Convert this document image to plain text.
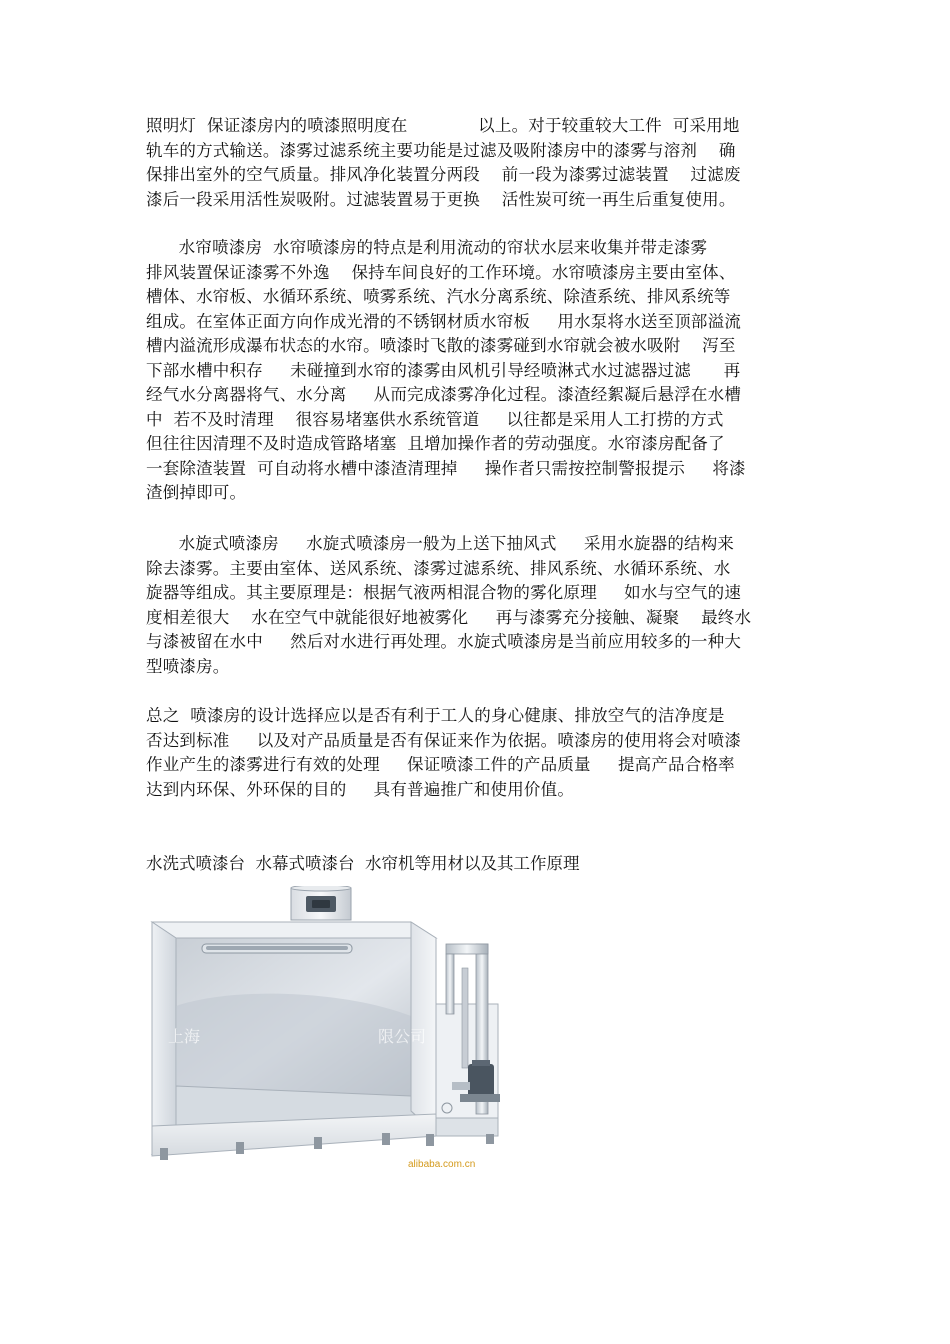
照明灯  保证漆房内的喷漆照明度在             以上。对于较重较大工件  可采用地
轨车的方式输送。漆雾过滤系统主要功能是过滤及吸附漆房中的漆雾与溶剂    确
保排出室外的空气质量。排风净化装置分两段    前一段为漆雾过滤装置    过滤废
漆后一段采用活性炭吸附。过滤装置易于更换    活性炭可统一再生后重复使用。
水帘喷漆房  水帘喷漆房的特点是利用流动的帘状水层来收集并带走漆雾
排风装置保证漆雾不外逸    保持车间良好的工作环境。水帘喷漆房主要由室体、
槽体、水帘板、水循环系统、喷雾系统、汽水分离系统、除渣系统、排风系统等
组成。在室体正面方向作成光滑的不锈钢材质水帘板     用水泵将水送至顶部溢流
槽内溢流形成瀑布状态的水帘。喷漆时飞散的漆雾碰到水帘就会被水吸附    泻至
下部水槽中积存     未碰撞到水帘的漆雾由风机引导经喷淋式水过滤器过滤      再
经气水分离器将气、水分离     从而完成漆雾净化过程。漆渣经絮凝后悬浮在水槽
中  若不及时清理    很容易堵塞供水系统管道     以往都是采用人工打捞的方式
但往往因清理不及时造成管路堵塞  且增加操作者的劳动强度。水帘漆房配备了
一套除渣装置  可自动将水槽中漆渣清理掉     操作者只需按控制警报提示     将漆
渣倒掉即可。
水旋式喷漆房     水旋式喷漆房一般为上送下抽风式     采用水旋器的结构来
除去漆雾。主要由室体、送风系统、漆雾过滤系统、排风系统、水循环系统、水
旋器等组成。其主要原理是：根据气液两相混合物的雾化原理     如水与空气的速
度相差很大    水在空气中就能很好地被雾化     再与漆雾充分接触、凝聚    最终水
与漆被留在水中     然后对水进行再处理。水旋式喷漆房是当前应用较多的一种大
型喷漆房。
总之  喷漆房的设计选择应以是否有利于工人的身心健康、排放空气的洁净度是
否达到标准     以及对产品质量是否有保证来作为依据。喷漆房的使用将会对喷漆
作业产生的漆雾进行有效的处理     保证喷漆工件的产品质量     提高产品合格率
达到内环保、外环保的目的     具有普遍推广和使用价值。
水洗式喷漆台  水幕式喷漆台  水帘机等用材以及其工作原理
上海	限公司
alibaba.com.cn
